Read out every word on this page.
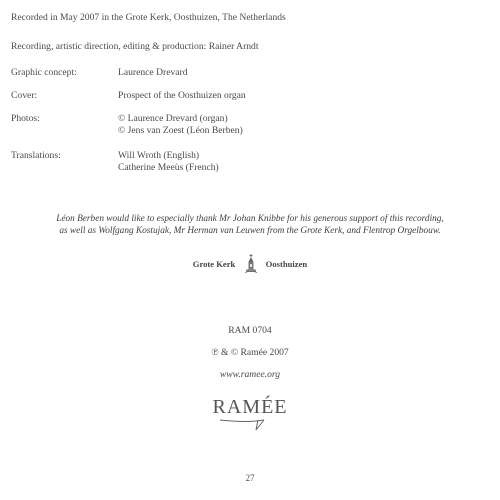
Recorded in May 2007 in the Grote Kerk, Oosthuizen, The Netherlands
Recording, artistic direction, editing & production: Rainer Arndt
Graphic concept:	Laurence Drevard
Cover:	Prospect of the Oosthuizen organ
Photos:	© Laurence Drevard (organ)
© Jens van Zoest (Léon Berben)
Translations:	Will Wroth (English)
Catherine Meeùs (French)
Léon Berben would like to especially thank Mr Johan Knibbe for his generous support of this recording,
as well as Wolfgang Kostujak, Mr Herman van Leuwen from the Grote Kerk, and Flentrop Orgelbouw.
Grote Kerk	Oosthuizen
RAM 0704
℗ & © Ramée 2007
www.ramee.org
RAMÉE
27
